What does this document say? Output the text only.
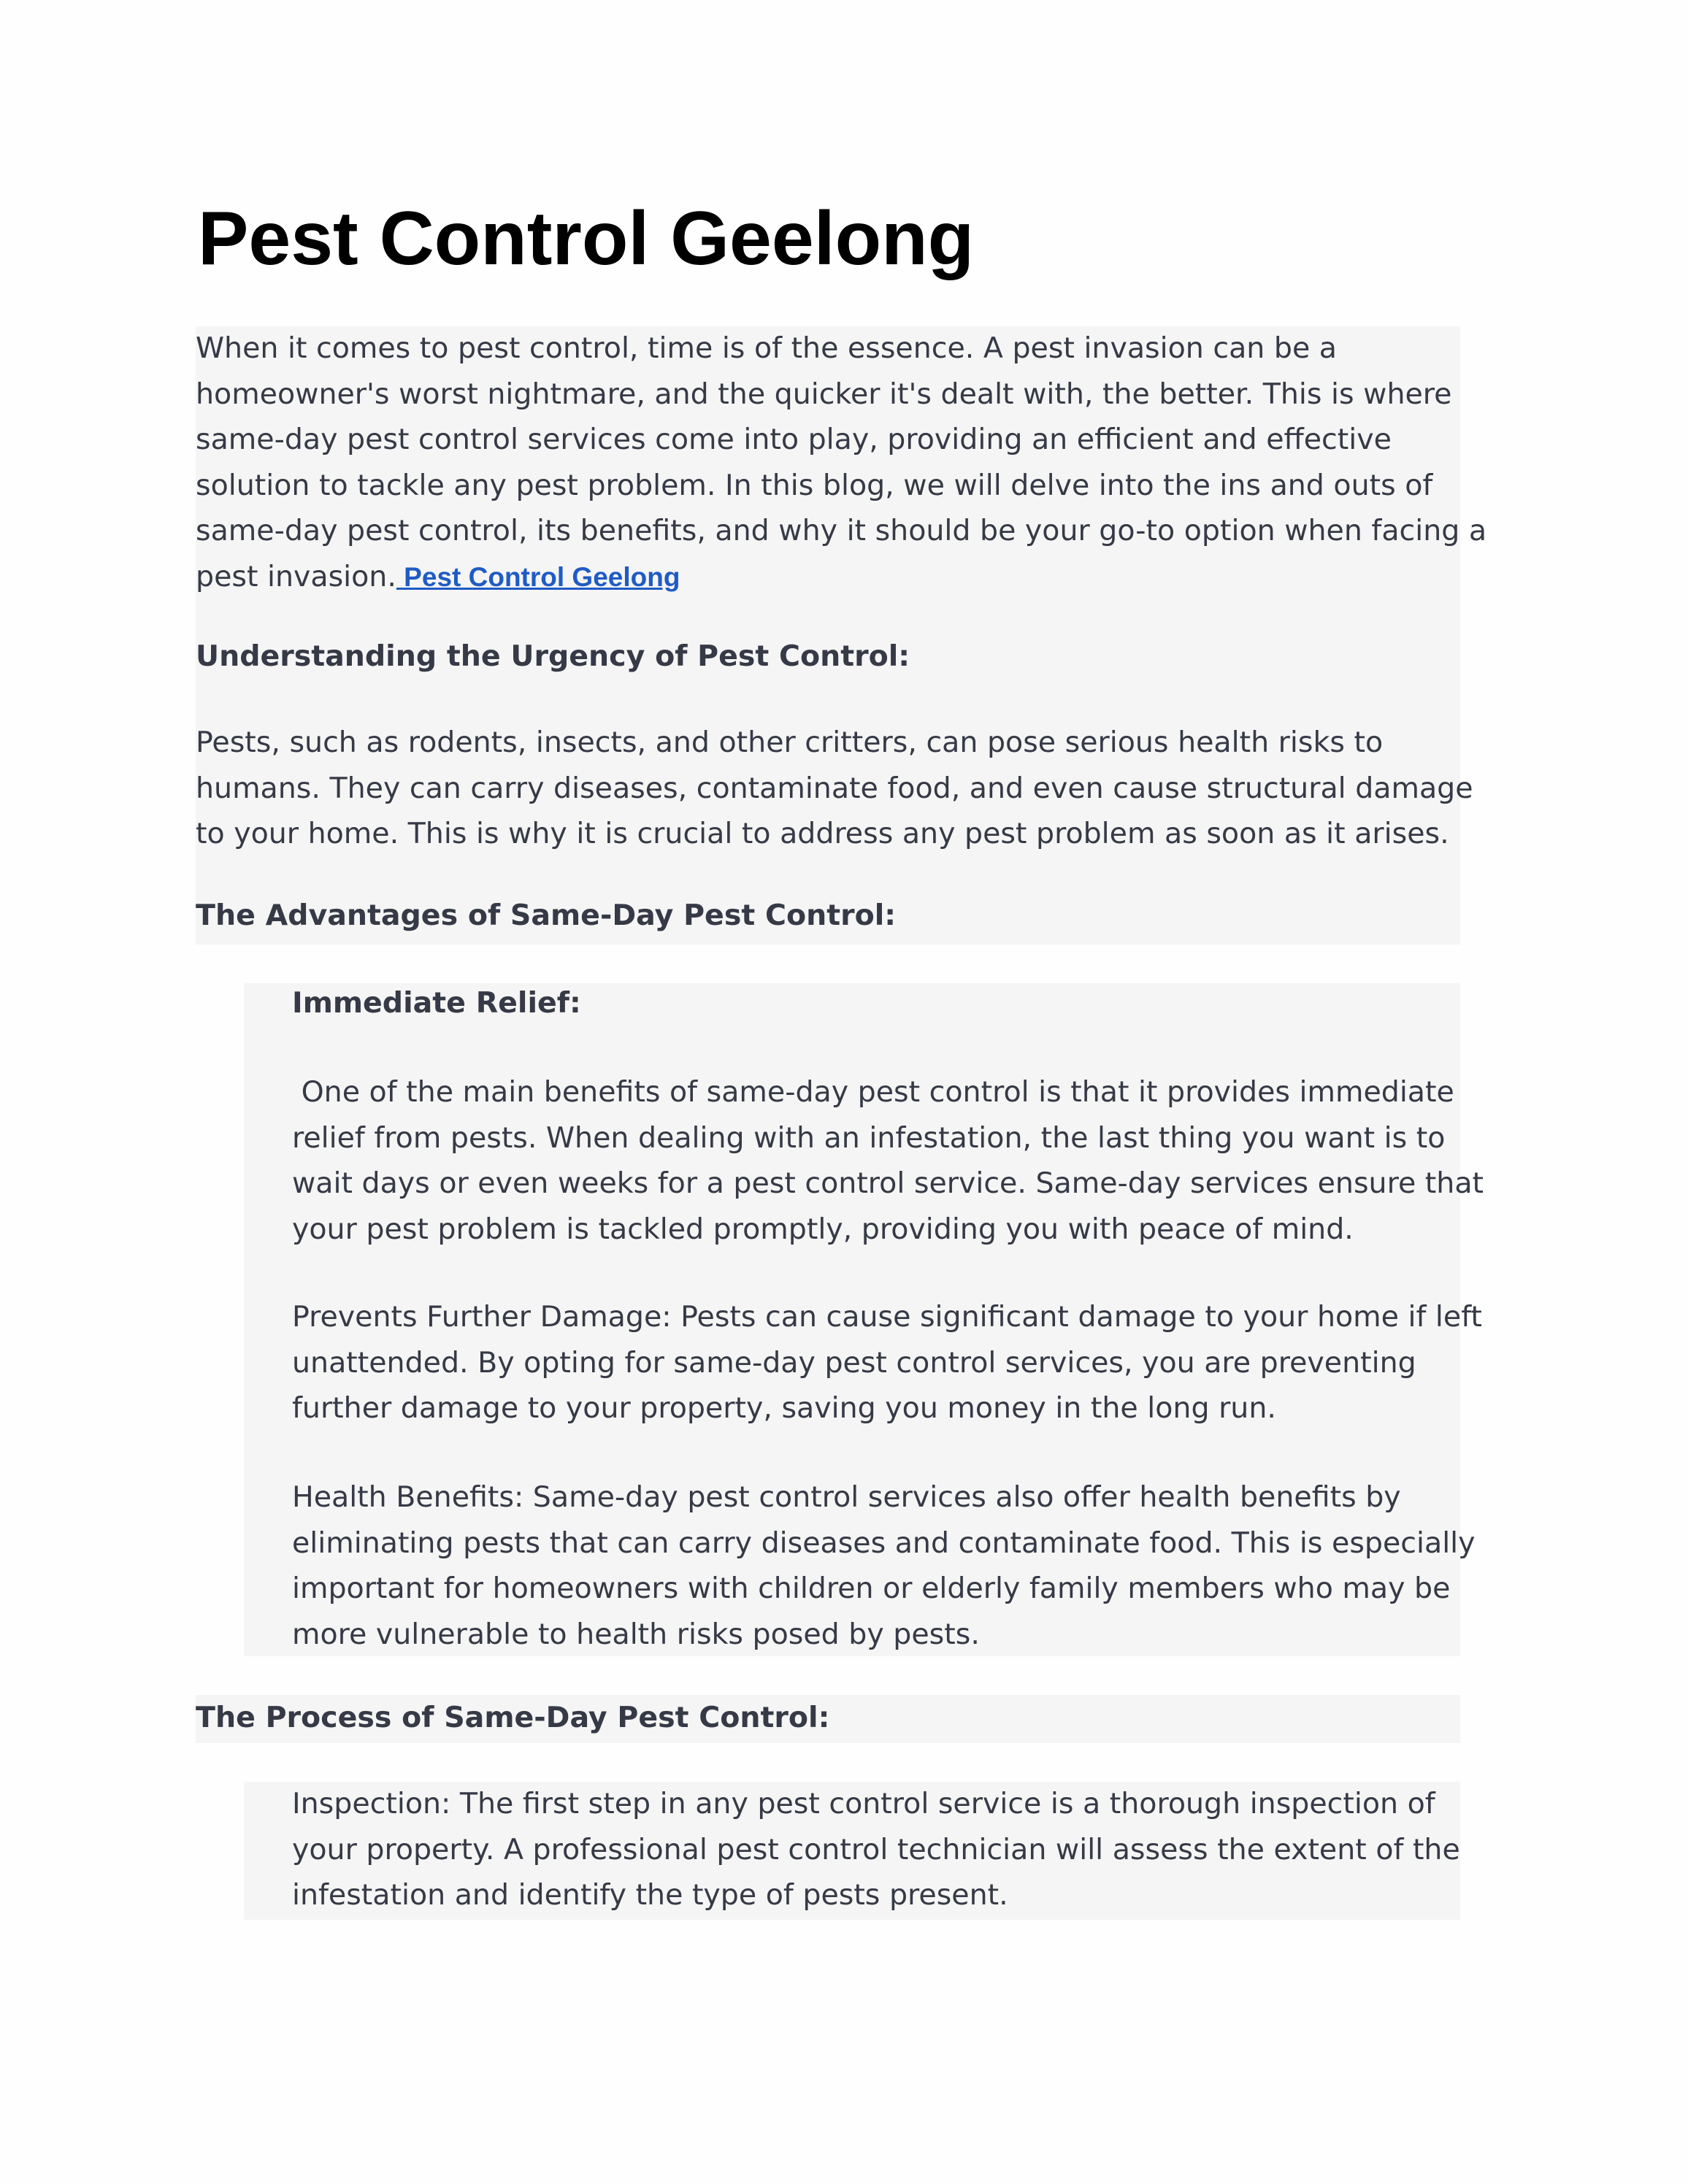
Pest Control Geelong

When it comes to pest control, time is of the essence. A pest invasion can be a homeowner's worst nightmare, and the quicker it's dealt with, the better. This is where same-day pest control services come into play, providing an efficient and effective solution to tackle any pest problem. In this blog, we will delve into the ins and outs of same-day pest control, its benefits, and why it should be your go-to option when facing a pest invasion. Pest Control Geelong

Understanding the Urgency of Pest Control:

Pests, such as rodents, insects, and other critters, can pose serious health risks to humans. They can carry diseases, contaminate food, and even cause structural damage to your home. This is why it is crucial to address any pest problem as soon as it arises.

The Advantages of Same-Day Pest Control:
Immediate Relief:

One of the main benefits of same-day pest control is that it provides immediate relief from pests. When dealing with an infestation, the last thing you want is to wait days or even weeks for a pest control service. Same-day services ensure that your pest problem is tackled promptly, providing you with peace of mind.

Prevents Further Damage: Pests can cause significant damage to your home if left unattended. By opting for same-day pest control services, you are preventing further damage to your property, saving you money in the long run.

Health Benefits: Same-day pest control services also offer health benefits by eliminating pests that can carry diseases and contaminate food. This is especially important for homeowners with children or elderly family members who may be more vulnerable to health risks posed by pests.

The Process of Same-Day Pest Control:

Inspection: The first step in any pest control service is a thorough inspection of your property. A professional pest control technician will assess the extent of the infestation and identify the type of pests present.
